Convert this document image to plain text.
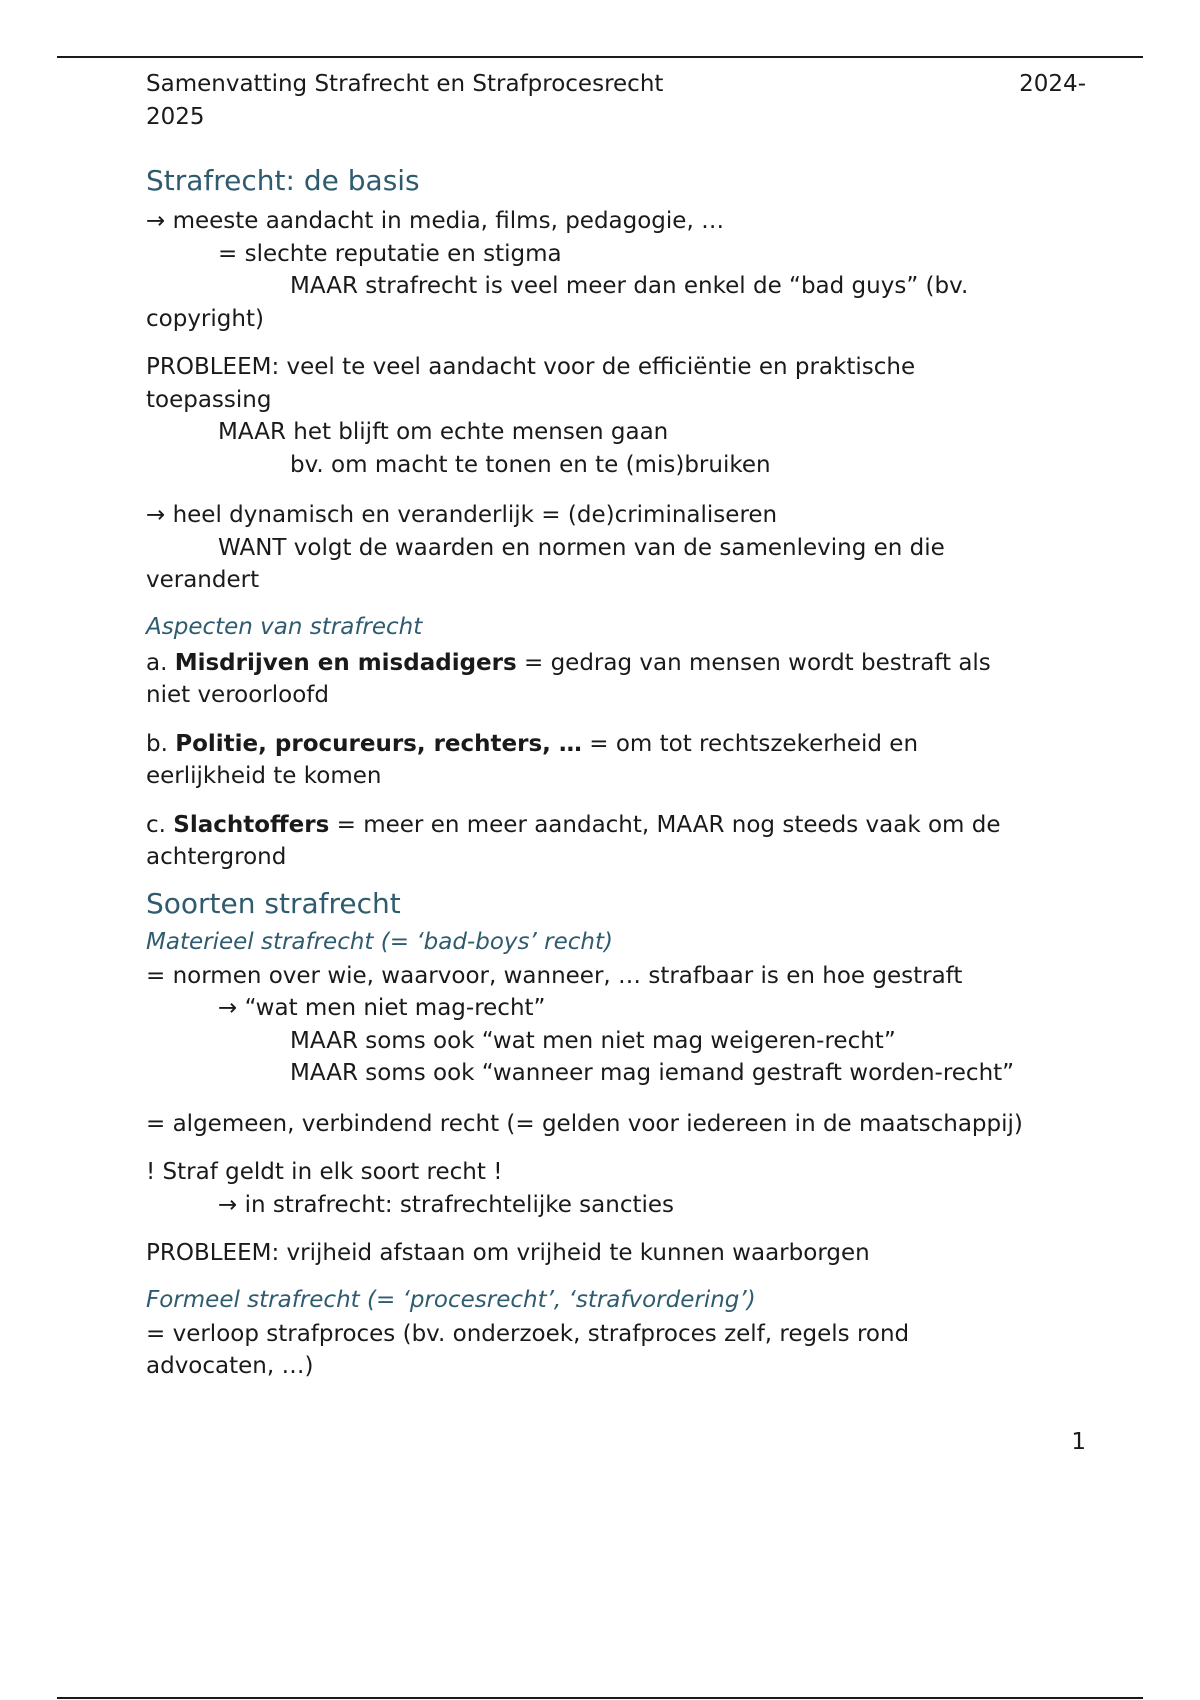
Samenvatting Strafrecht en Strafprocesrecht	2024-

2025

Strafrecht: de basis

→ meeste aandacht in media, films, pedagogie, …

= slechte reputatie en stigma

MAAR strafrecht is veel meer dan enkel de “bad guys” (bv.

copyright)

PROBLEEM: veel te veel aandacht voor de efficiëntie en praktische

toepassing

MAAR het blijft om echte mensen gaan

bv. om macht te tonen en te (mis)bruiken

→ heel dynamisch en veranderlijk = (de)criminaliseren

WANT volgt de waarden en normen van de samenleving en die

verandert

Aspecten van strafrecht

a. Misdrijven en misdadigers = gedrag van mensen wordt bestraft als

niet veroorloofd

b. Politie, procureurs, rechters, … = om tot rechtszekerheid en

eerlijkheid te komen

c. Slachtoffers = meer en meer aandacht, MAAR nog steeds vaak om de

achtergrond

Soorten strafrecht
Materieel strafrecht (= ‘bad-boys’ recht)

= normen over wie, waarvoor, wanneer, … strafbaar is en hoe gestraft

→ “wat men niet mag-recht”

MAAR soms ook “wat men niet mag weigeren-recht”

MAAR soms ook “wanneer mag iemand gestraft worden-recht”

= algemeen, verbindend recht (= gelden voor iedereen in de maatschappij)

! Straf geldt in elk soort recht !

→ in strafrecht: strafrechtelijke sancties

PROBLEEM: vrijheid afstaan om vrijheid te kunnen waarborgen

Formeel strafrecht (= ‘procesrecht’, ‘strafvordering’)

= verloop strafproces (bv. onderzoek, strafproces zelf, regels rond

advocaten, …)

1
